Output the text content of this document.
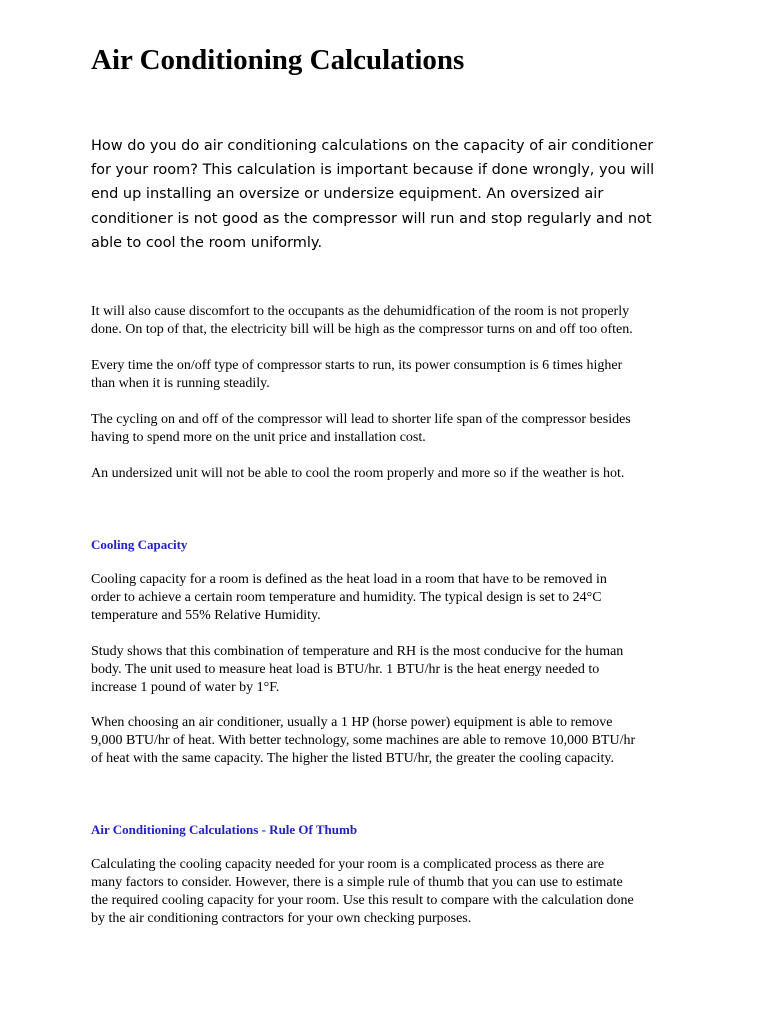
Air Conditioning Calculations

How do you do air conditioning calculations on the capacity of air conditioner
for your room? This calculation is important because if done wrongly, you will
end up installing an oversize or undersize equipment. An oversized air
conditioner is not good as the compressor will run and stop regularly and not
able to cool the room uniformly.

It will also cause discomfort to the occupants as the dehumidfication of the room is not properly
done. On top of that, the electricity bill will be high as the compressor turns on and off too often.

Every time the on/off type of compressor starts to run, its power consumption is 6 times higher
than when it is running steadily.

The cycling on and off of the compressor will lead to shorter life span of the compressor besides
having to spend more on the unit price and installation cost.

An undersized unit will not be able to cool the room properly and more so if the weather is hot.

Cooling Capacity

Cooling capacity for a room is defined as the heat load in a room that have to be removed in
order to achieve a certain room temperature and humidity. The typical design is set to 24°C
temperature and 55% Relative Humidity.

Study shows that this combination of temperature and RH is the most conducive for the human
body. The unit used to measure heat load is BTU/hr. 1 BTU/hr is the heat energy needed to
increase 1 pound of water by 1°F.

When choosing an air conditioner, usually a 1 HP (horse power) equipment is able to remove
9,000 BTU/hr of heat. With better technology, some machines are able to remove 10,000 BTU/hr
of heat with the same capacity. The higher the listed BTU/hr, the greater the cooling capacity.

Air Conditioning Calculations - Rule Of Thumb

Calculating the cooling capacity needed for your room is a complicated process as there are
many factors to consider. However, there is a simple rule of thumb that you can use to estimate
the required cooling capacity for your room. Use this result to compare with the calculation done
by the air conditioning contractors for your own checking purposes.
